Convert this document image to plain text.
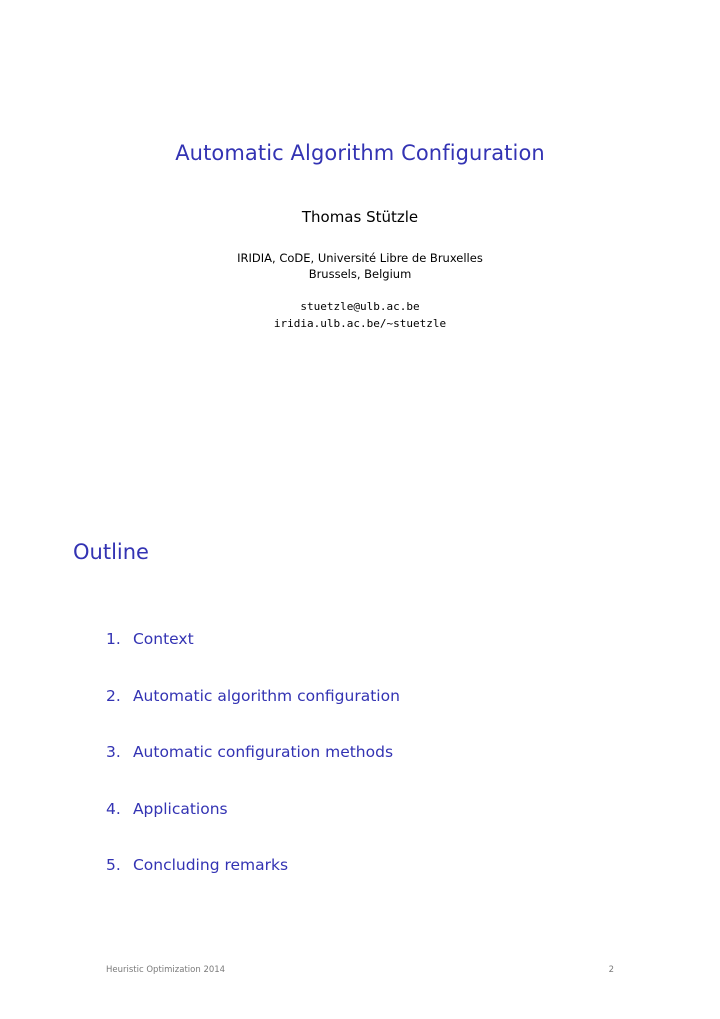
Automatic Algorithm Configuration
Thomas Stützle
IRIDIA, CoDE, Université Libre de Bruxelles
Brussels, Belgium
stuetzle@ulb.ac.be
iridia.ulb.ac.be/~stuetzle
Outline
1. Context
2. Automatic algorithm configuration
3. Automatic configuration methods
4. Applications
5. Concluding remarks
Heuristic Optimization 2014	2
